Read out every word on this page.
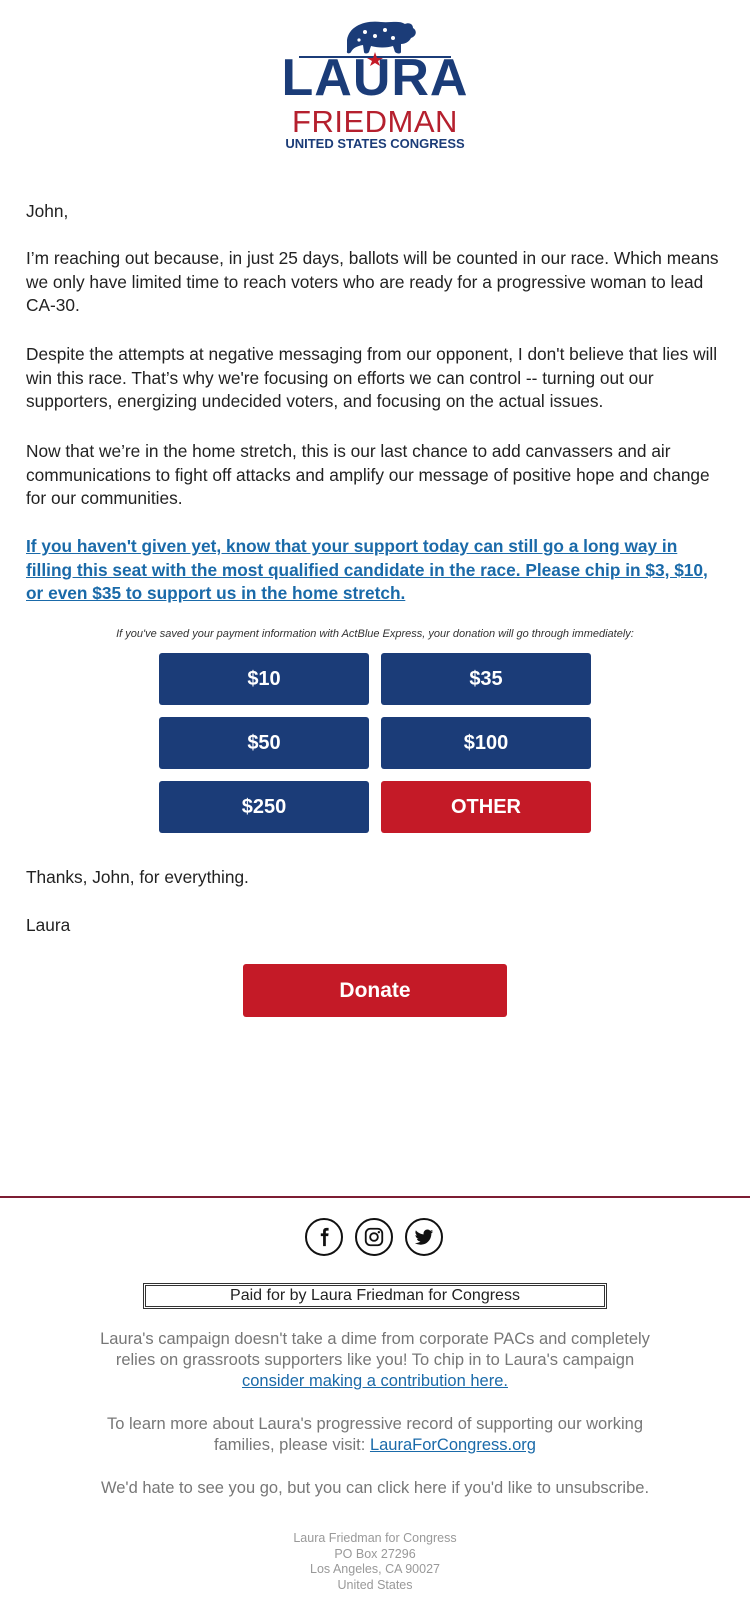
LAURA
FRIEDMAN
UNITED STATES CONGRESS

John,

I’m reaching out because, in just 25 days, ballots will be counted in our race. Which means we only have limited time to reach voters who are ready for a progressive woman to lead CA-30.

Despite the attempts at negative messaging from our opponent, I don't believe that lies will win this race. That’s why we're focusing on efforts we can control -- turning out our supporters, energizing undecided voters, and focusing on the actual issues.

Now that we’re in the home stretch, this is our last chance to add canvassers and air communications to fight off attacks and amplify our message of positive hope and change for our communities.

If you haven't given yet, know that your support today can still go a long way in filling this seat with the most qualified candidate in the race. Please chip in $3, $10, or even $35 to support us in the home stretch.

If you've saved your payment information with ActBlue Express, your donation will go through immediately:
$10	$35
$50	$100
$250	OTHER

Thanks, John, for everything.

Laura

Donate
Paid for by Laura Friedman for Congress

Laura's campaign doesn't take a dime from corporate PACs and completely relies on grassroots supporters like you! To chip in to Laura's campaign
consider making a contribution here.

To learn more about Laura's progressive record of supporting our working families, please visit: LauraForCongress.org

We'd hate to see you go, but you can click here if you'd like to unsubscribe.

Laura Friedman for Congress
PO Box 27296
Los Angeles, CA 90027
United States
